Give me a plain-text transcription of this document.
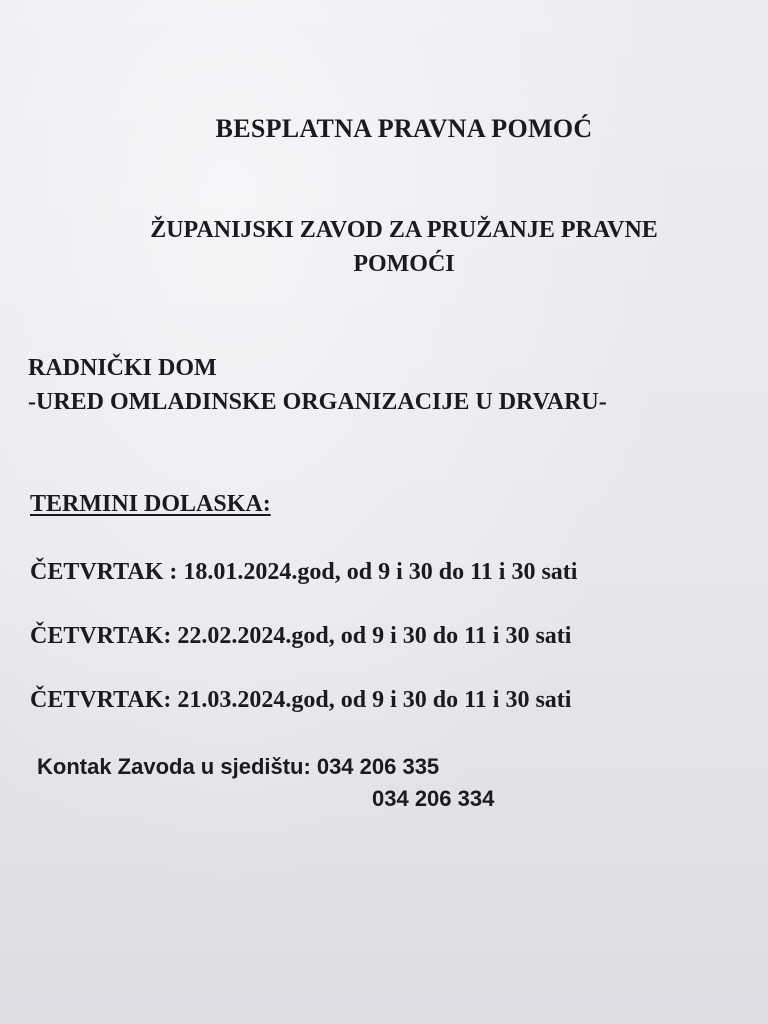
BESPLATNA PRAVNA POMOĆ
ŽUPANIJSKI ZAVOD ZA PRUŽANJE PRAVNE
POMOĆI
RADNIČKI DOM
-URED OMLADINSKE ORGANIZACIJE U DRVARU-
TERMINI DOLASKA:
ČETVRTAK : 18.01.2024.god, od 9 i 30 do 11 i 30 sati
ČETVRTAK: 22.02.2024.god, od 9 i 30 do 11 i 30 sati
ČETVRTAK: 21.03.2024.god, od 9 i 30 do 11 i 30 sati
Kontak Zavoda u sjedištu: 034 206 335
034 206 334
